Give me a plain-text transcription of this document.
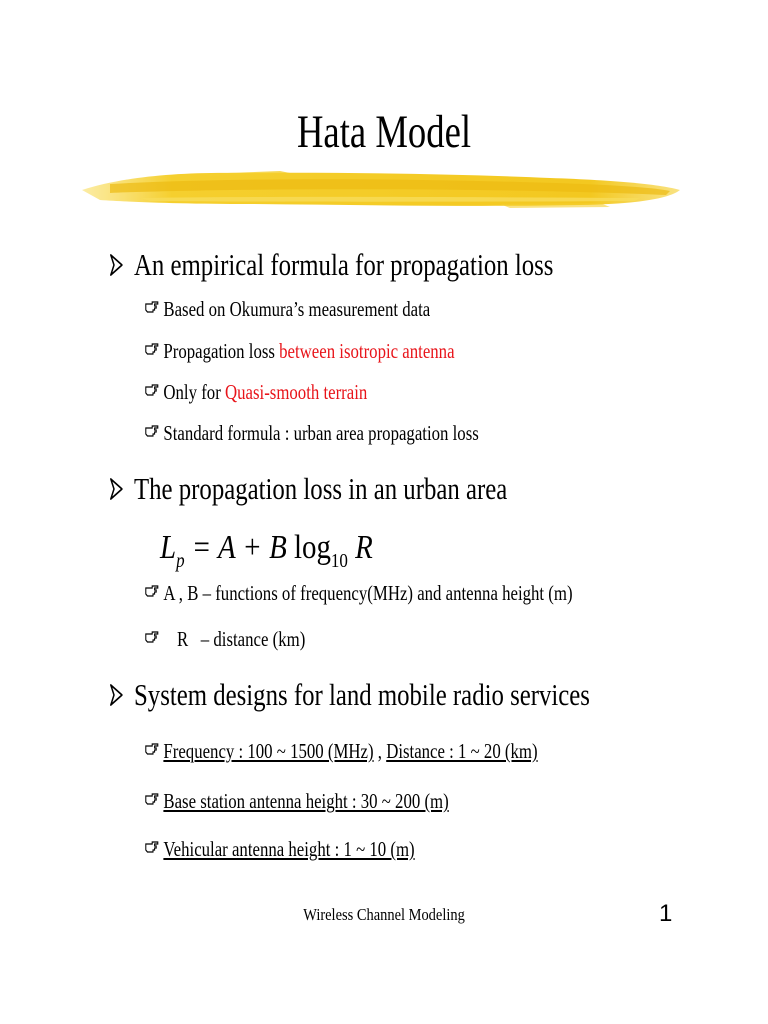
Hata Model
An empirical formula for propagation loss
Based on Okumura’s measurement data
Propagation loss between isotropic antenna
Only for Quasi-smooth terrain
Standard formula : urban area propagation loss
The propagation loss in an urban area
$L_p = A + B$ $\log_{10} R$
A , B – functions of frequency(MHz) and antenna height (m)
R   – distance (km)
System designs for land mobile radio services
Frequency : 100 ~ 1500 (MHz) , Distance : 1 ~ 20 (km)
Base station antenna height : 30 ~ 200 (m)
Vehicular antenna height : 1 ~ 10 (m)
Wireless Channel Modeling	1
